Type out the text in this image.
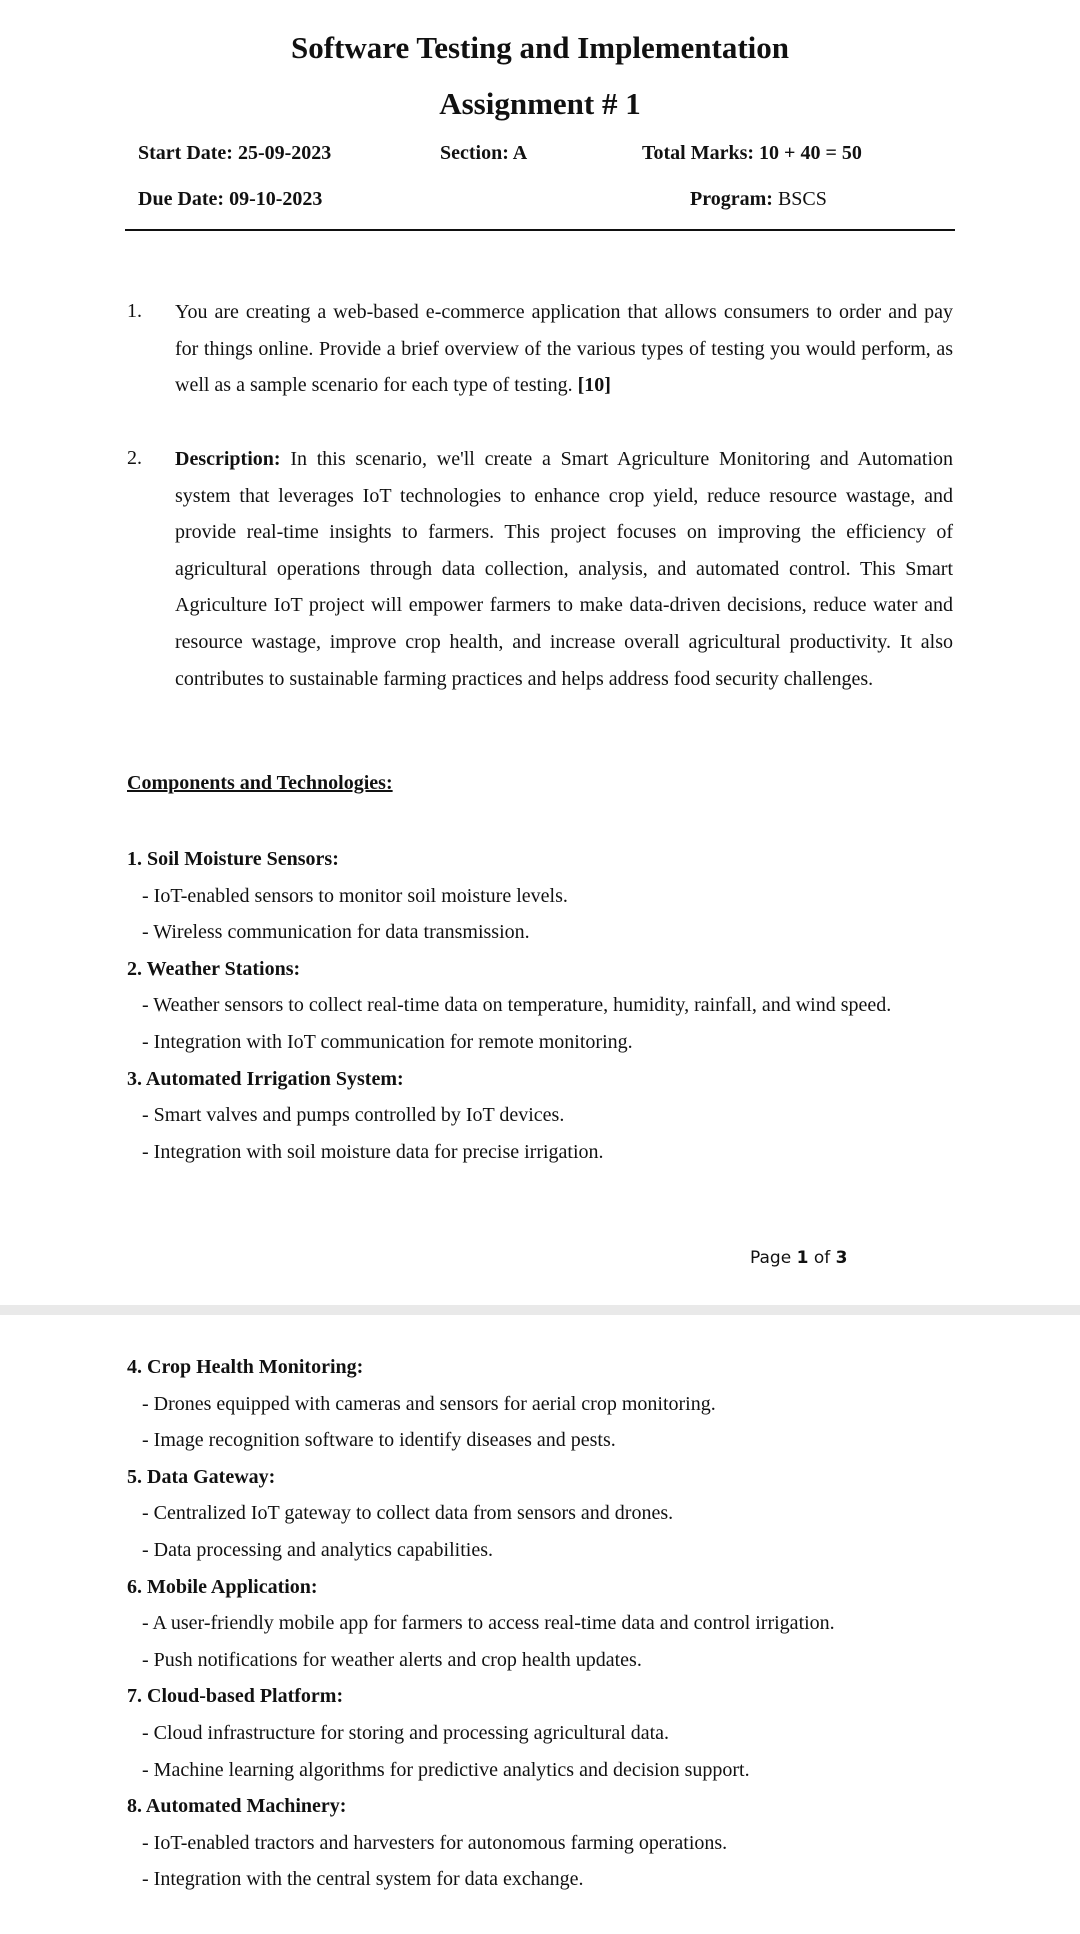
Software Testing and Implementation
Assignment # 1
Start Date: 25-09-2023	Section: A	Total Marks: 10 + 40 = 50
Due Date: 09-10-2023	Program: BSCS
1. You are creating a web-based e-commerce application that allows consumers to order and pay for things online. Provide a brief overview of the various types of testing you would perform, as well as a sample scenario for each type of testing. [10]

2. Description: In this scenario, we'll create a Smart Agriculture Monitoring and Automation system that leverages IoT technologies to enhance crop yield, reduce resource wastage, and provide real-time insights to farmers. This project focuses on improving the efficiency of agricultural operations through data collection, analysis, and automated control. This Smart Agriculture IoT project will empower farmers to make data-driven decisions, reduce water and resource wastage, improve crop health, and increase overall agricultural productivity. It also contributes to sustainable farming practices and helps address food security challenges.

Components and Technologies:
1. Soil Moisture Sensors:
- IoT-enabled sensors to monitor soil moisture levels.
- Wireless communication for data transmission.
2. Weather Stations:
- Weather sensors to collect real-time data on temperature, humidity, rainfall, and wind speed.
- Integration with IoT communication for remote monitoring.
3. Automated Irrigation System:
- Smart valves and pumps controlled by IoT devices.
- Integration with soil moisture data for precise irrigation.
Page 1 of 3
4. Crop Health Monitoring:
- Drones equipped with cameras and sensors for aerial crop monitoring.
- Image recognition software to identify diseases and pests.
5. Data Gateway:
- Centralized IoT gateway to collect data from sensors and drones.
- Data processing and analytics capabilities.
6. Mobile Application:
- A user-friendly mobile app for farmers to access real-time data and control irrigation.
- Push notifications for weather alerts and crop health updates.
7. Cloud-based Platform:
- Cloud infrastructure for storing and processing agricultural data.
- Machine learning algorithms for predictive analytics and decision support.
8. Automated Machinery:
- IoT-enabled tractors and harvesters for autonomous farming operations.
- Integration with the central system for data exchange.
